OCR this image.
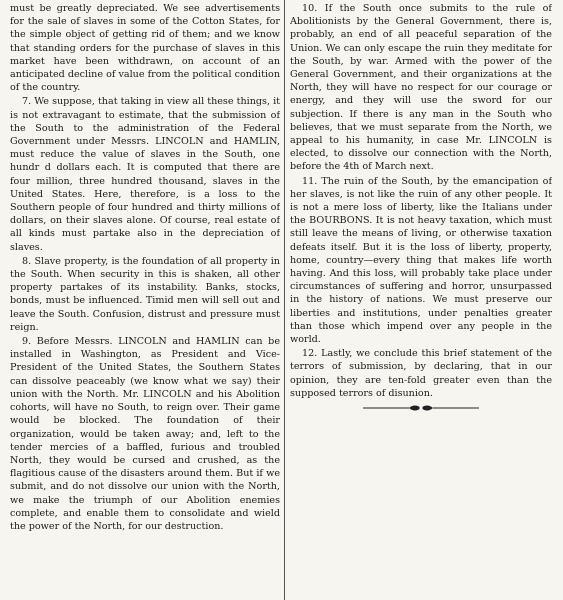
must be greatly depreciated. We see advertisements for the sale of slaves in some of the Cotton States, for the simple object of getting rid of them; and we know that standing orders for the purchase of slaves in this market have been withdrawn, on account of an anticipated decline of value from the political condition of the country.

7. We suppose, that taking in view all these things, it is not extravagant to estimate, that the submission of the South to the administration of the Federal Government under Messrs. LINCOLN and HAMLIN, must reduce the value of slaves in the South, one hundr d dollars each. It is computed that there are four million, three hundred thousand, slaves in the United States. Here, therefore, is a loss to the Southern people of four hundred and thirty millions of dollars, on their slaves alone. Of course, real estate of all kinds must partake also in the depreciation of slaves.

8. Slave property, is the foundation of all property in the South. When security in this is shaken, all other property partakes of its instability. Banks, stocks, bonds, must be influenced. Timid men will sell out and leave the South. Confusion, distrust and pressure must reign.

9. Before Messrs. LINCOLN and HAMLIN can be installed in Washington, as President and Vice-President of the United States, the Southern States can dissolve peaceably (we know what we say) their union with the North. Mr. LINCOLN and his Abolition cohorts, will have no South, to reign over. Their game would be blocked. The foundation of their organization, would be taken away; and, left to the tender mercies of a baffled, furious and troubled North, they would be cursed and crushed, as the flagitious cause of the disasters around them. But if we submit, and do not dissolve our union with the North, we make the triumph of our Abolition enemies complete, and enable them to consolidate and wield the power of the North, for our destruction.

10. If the South once submits to the rule of Abolitionists by the General Government, there is, probably, an end of all peaceful separation of the Union. We can only escape the ruin they meditate for the South, by war. Armed with the power of the General Government, and their organizations at the North, they will have no respect for our courage or energy, and they will use the sword for our subjection. If there is any man in the South who believes, that we must separate from the North, we appeal to his humanity, in case Mr. LINCOLN is elected, to dissolve our connection with the North, before the 4th of March next.

11. The ruin of the South, by the emancipation of her slaves, is not like the ruin of any other people. It is not a mere loss of liberty, like the Italians under the BOURBONS. It is not heavy taxation, which must still leave the means of living, or otherwise taxation defeats itself. But it is the loss of liberty, property, home, country—every thing that makes life worth having. And this loss, will probably take place under circumstances of suffering and horror, unsurpassed in the history of nations. We must preserve our liberties and institutions, under penalties greater than those which impend over any people in the world.

12. Lastly, we conclude this brief statement of the terrors of submission, by declaring, that in our opinion, they are ten-fold greater even than the supposed terrors of disunion.
